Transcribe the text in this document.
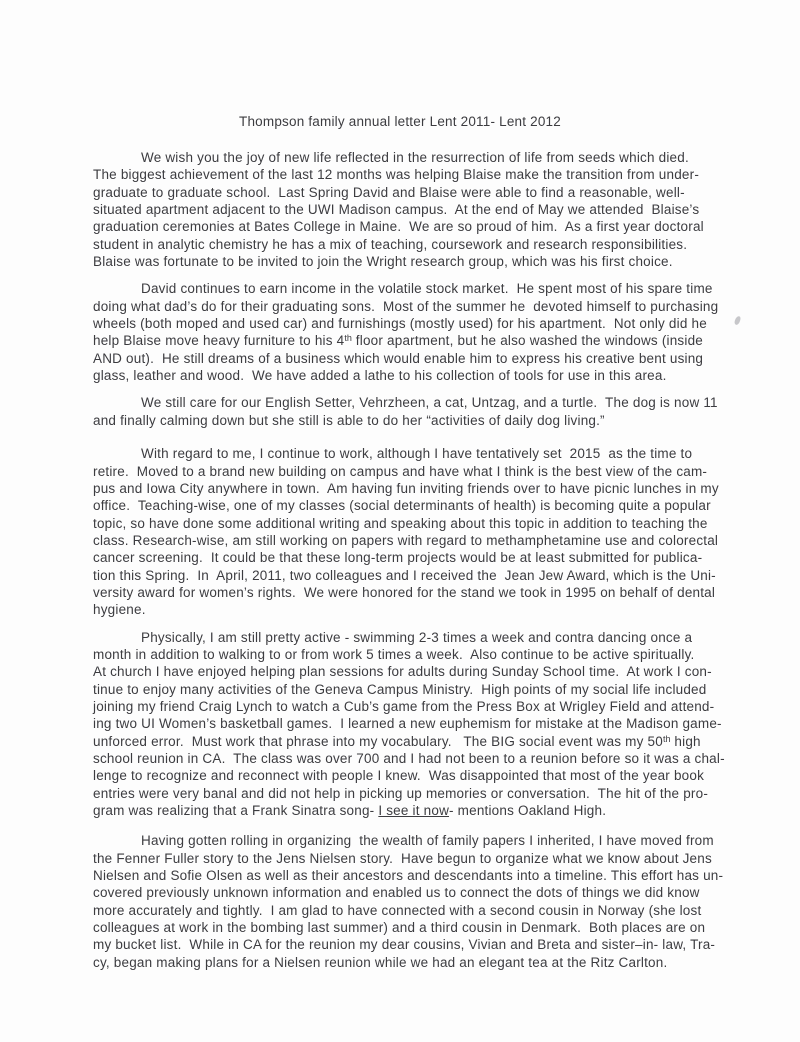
Thompson family annual letter Lent 2011- Lent 2012
We wish you the joy of new life reflected in the resurrection of life from seeds which died.
The biggest achievement of the last 12 months was helping Blaise make the transition from under-
graduate to graduate school.  Last Spring David and Blaise were able to find a reasonable, well-
situated apartment adjacent to the UWI Madison campus.  At the end of May we attended  Blaise’s
graduation ceremonies at Bates College in Maine.  We are so proud of him.  As a first year doctoral
student in analytic chemistry he has a mix of teaching, coursework and research responsibilities.
Blaise was fortunate to be invited to join the Wright research group, which was his first choice.
David continues to earn income in the volatile stock market.  He spent most of his spare time
doing what dad’s do for their graduating sons.  Most of the summer he  devoted himself to purchasing
wheels (both moped and used car) and furnishings (mostly used) for his apartment.  Not only did he
help Blaise move heavy furniture to his 4th floor apartment, but he also washed the windows (inside
AND out).  He still dreams of a business which would enable him to express his creative bent using
glass, leather and wood.  We have added a lathe to his collection of tools for use in this area.
We still care for our English Setter, Vehrzheen, a cat, Untzag, and a turtle.  The dog is now 11
and finally calming down but she still is able to do her “activities of daily dog living.”
With regard to me, I continue to work, although I have tentatively set  2015  as the time to
retire.  Moved to a brand new building on campus and have what I think is the best view of the cam-
pus and Iowa City anywhere in town.  Am having fun inviting friends over to have picnic lunches in my
office.  Teaching-wise, one of my classes (social determinants of health) is becoming quite a popular
topic, so have done some additional writing and speaking about this topic in addition to teaching the
class. Research-wise, am still working on papers with regard to methamphetamine use and colorectal
cancer screening.  It could be that these long-term projects would be at least submitted for publica-
tion this Spring.  In  April, 2011, two colleagues and I received the  Jean Jew Award, which is the Uni-
versity award for women’s rights.  We were honored for the stand we took in 1995 on behalf of dental
hygiene.
Physically, I am still pretty active - swimming 2-3 times a week and contra dancing once a
month in addition to walking to or from work 5 times a week.  Also continue to be active spiritually.
At church I have enjoyed helping plan sessions for adults during Sunday School time.  At work I con-
tinue to enjoy many activities of the Geneva Campus Ministry.  High points of my social life included
joining my friend Craig Lynch to watch a Cub’s game from the Press Box at Wrigley Field and attend-
ing two UI Women’s basketball games.  I learned a new euphemism for mistake at the Madison game-
unforced error.  Must work that phrase into my vocabulary.   The BIG social event was my 50th high
school reunion in CA.  The class was over 700 and I had not been to a reunion before so it was a chal-
lenge to recognize and reconnect with people I knew.  Was disappointed that most of the year book
entries were very banal and did not help in picking up memories or conversation.  The hit of the pro-
gram was realizing that a Frank Sinatra song- I see it now- mentions Oakland High.
Having gotten rolling in organizing  the wealth of family papers I inherited, I have moved from
the Fenner Fuller story to the Jens Nielsen story.  Have begun to organize what we know about Jens
Nielsen and Sofie Olsen as well as their ancestors and descendants into a timeline. This effort has un-
covered previously unknown information and enabled us to connect the dots of things we did know
more accurately and tightly.  I am glad to have connected with a second cousin in Norway (she lost
colleagues at work in the bombing last summer) and a third cousin in Denmark.  Both places are on
my bucket list.  While in CA for the reunion my dear cousins, Vivian and Breta and sister–in- law, Tra-
cy, began making plans for a Nielsen reunion while we had an elegant tea at the Ritz Carlton.
